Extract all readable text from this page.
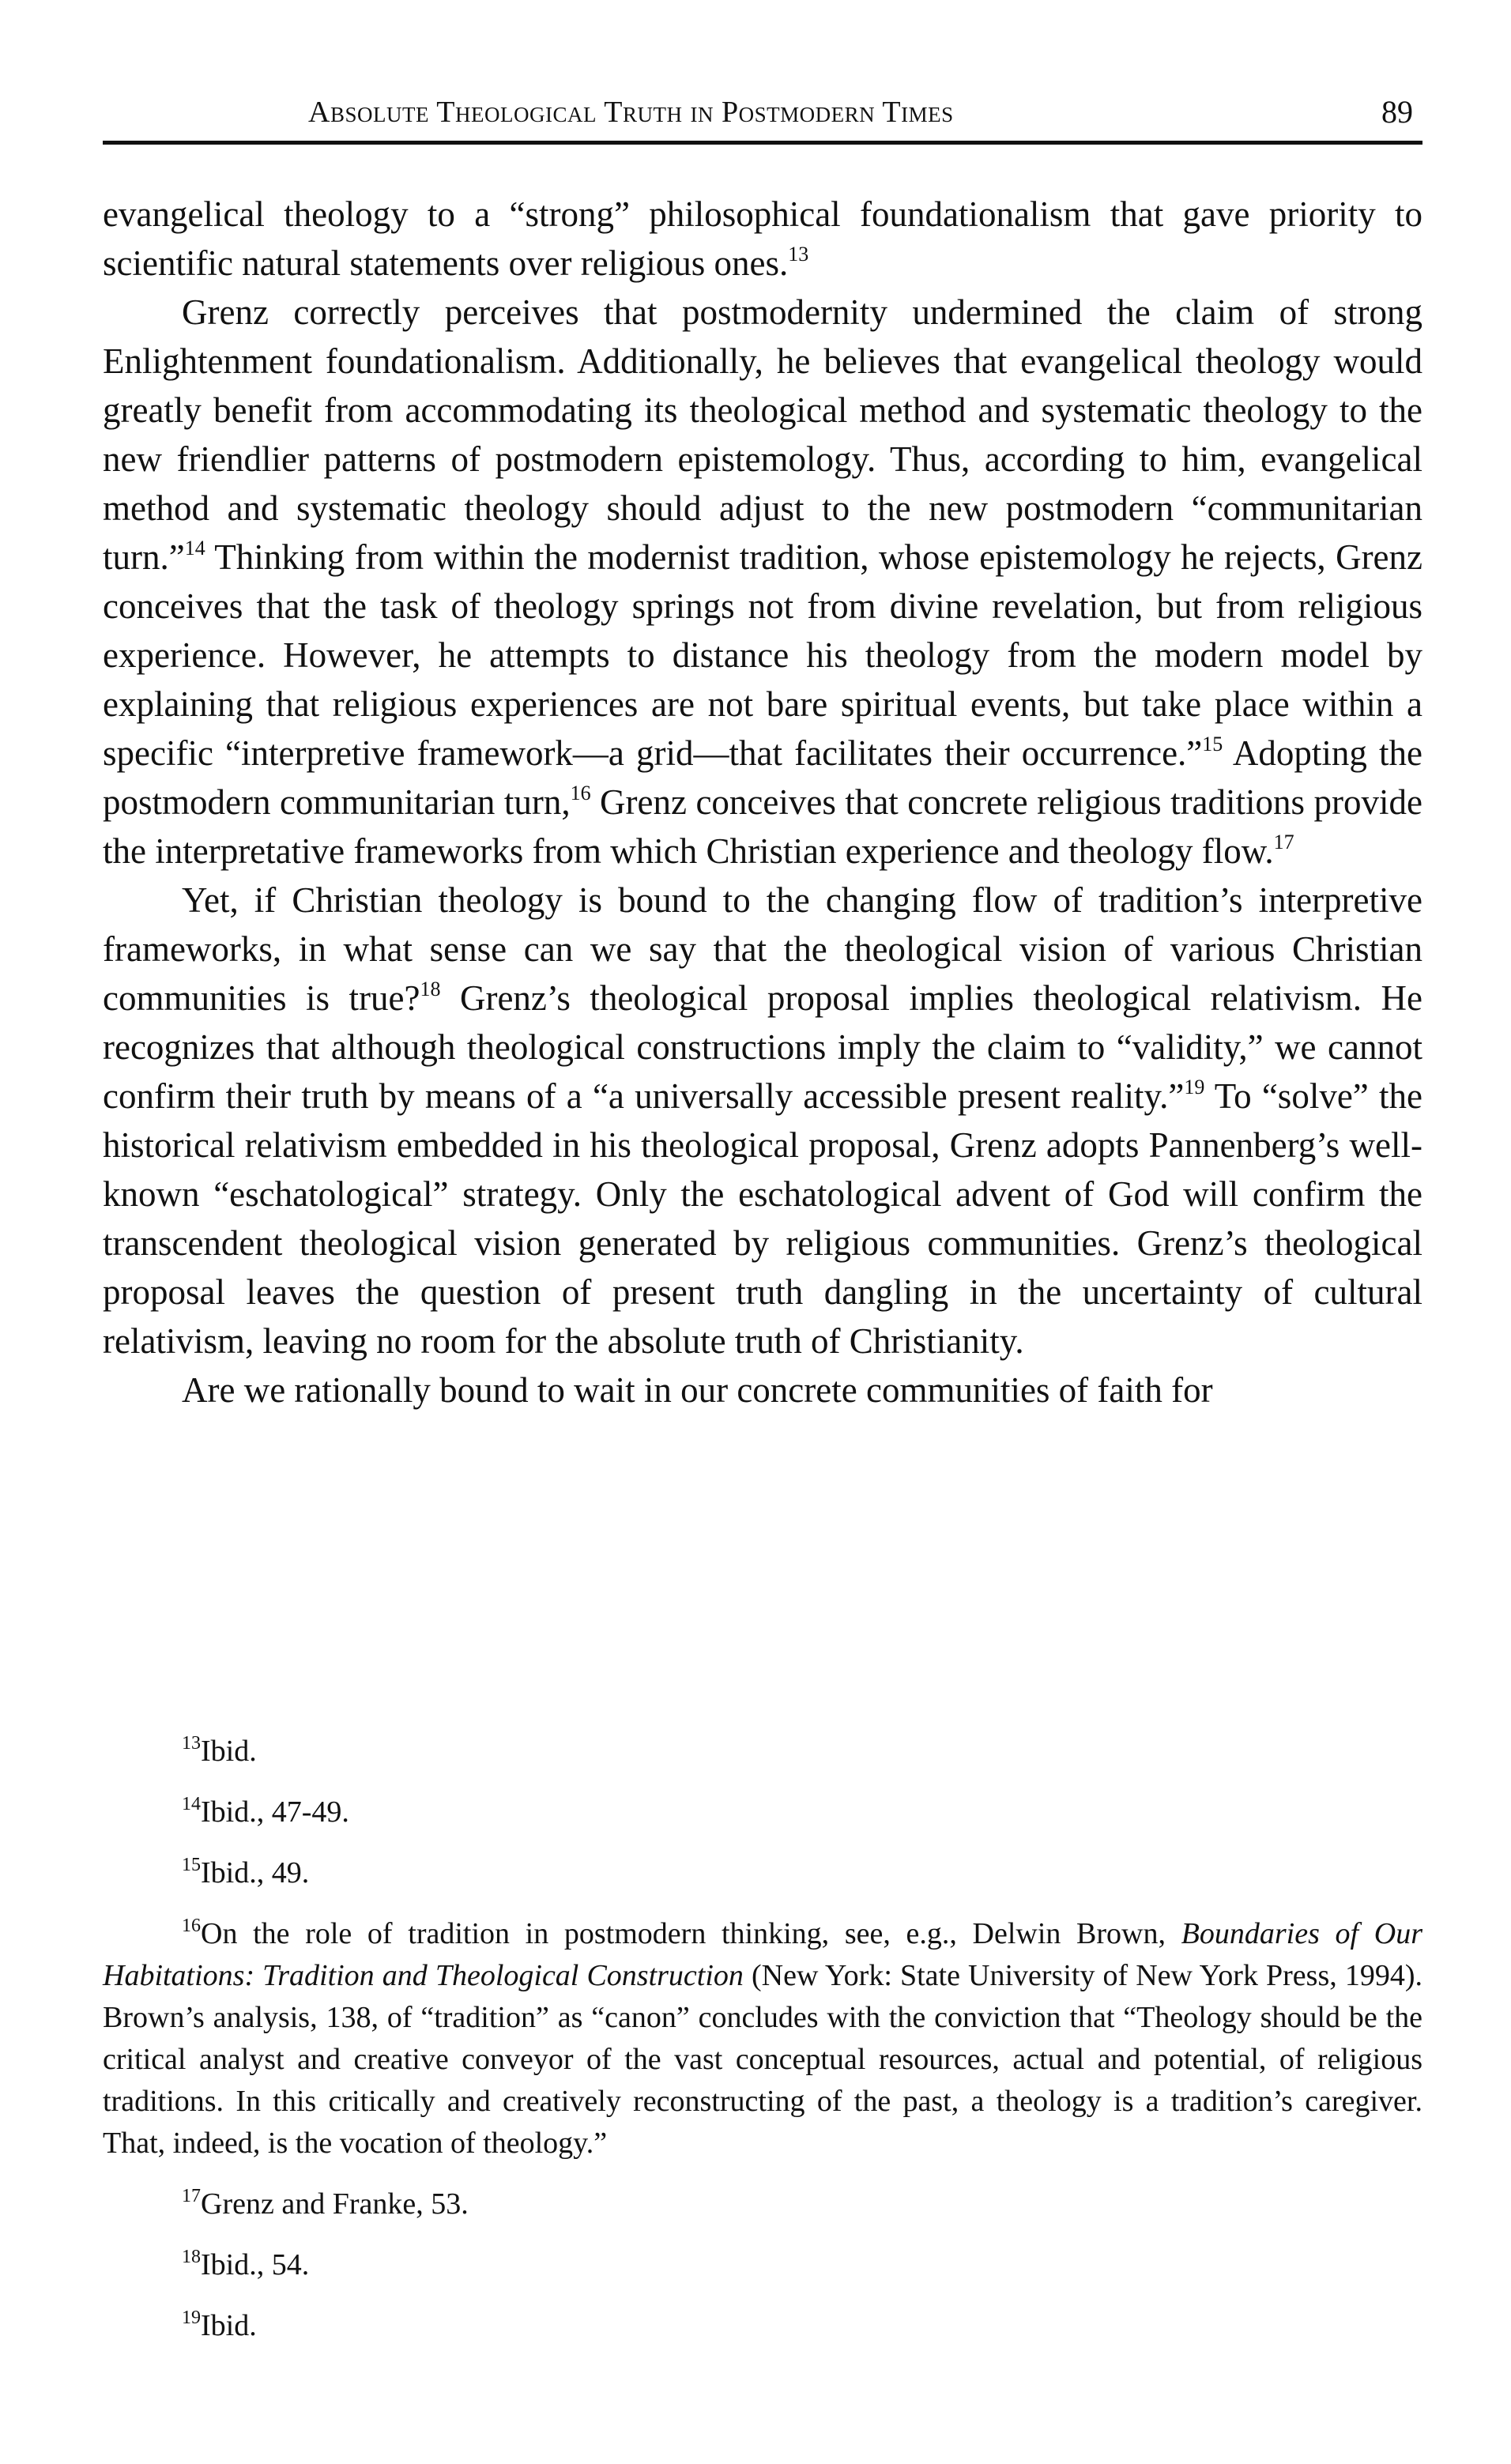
Absolute Theological Truth in Postmodern Times	89

evangelical theology to a “strong” philosophical foundationalism that gave priority to scientific natural statements over religious ones.$^{13}$

Grenz correctly perceives that postmodernity undermined the claim of strong Enlightenment foundationalism. Additionally, he believes that evangelical theology would greatly benefit from accommodating its theological method and systematic theology to the new friendlier patterns of postmodern epistemology. Thus, according to him, evangelical method and systematic theology should adjust to the new postmodern “communitarian turn.”$^{14}$ Thinking from within the modernist tradition, whose epistemology he rejects, Grenz conceives that the task of theology springs not from divine revelation, but from religious experience. However, he attempts to distance his theology from the modern model by explaining that religious experiences are not bare spiritual events, but take place within a specific “interpretive framework—a grid—that facilitates their occurrence.”$^{15}$ Adopting the postmodern communitarian turn,$^{16}$ Grenz conceives that concrete religious traditions provide the interpretative frameworks from which Christian experience and theology flow.$^{17}$

Yet, if Christian theology is bound to the changing flow of tradition’s interpretive frameworks, in what sense can we say that the theological vision of various Christian communities is true?$^{18}$ Grenz’s theological proposal implies theological relativism. He recognizes that although theological constructions imply the claim to “validity,” we cannot confirm their truth by means of a “a universally accessible present reality.”$^{19}$ To “solve” the historical relativism embedded in his theological proposal, Grenz adopts Pannenberg’s well-known “eschatological” strategy. Only the eschatological advent of God will confirm the transcendent theological vision generated by religious communities. Grenz’s theological proposal leaves the question of present truth dangling in the uncertainty of cultural relativism, leaving no room for the absolute truth of Christianity.

Are we rationally bound to wait in our concrete communities of faith for

$^{13}$Ibid.

$^{14}$Ibid., 47-49.

$^{15}$Ibid., 49.

$^{16}$On the role of tradition in postmodern thinking, see, e.g., Delwin Brown, Boundaries of Our Habitations: Tradition and Theological Construction (New York: State University of New York Press, 1994). Brown’s analysis, 138, of “tradition” as “canon” concludes with the conviction that “Theology should be the critical analyst and creative conveyor of the vast conceptual resources, actual and potential, of religious traditions. In this critically and creatively reconstructing of the past, a theology is a tradition’s caregiver. That, indeed, is the vocation of theology.”

$^{17}$Grenz and Franke, 53.

$^{18}$Ibid., 54.

$^{19}$Ibid.
